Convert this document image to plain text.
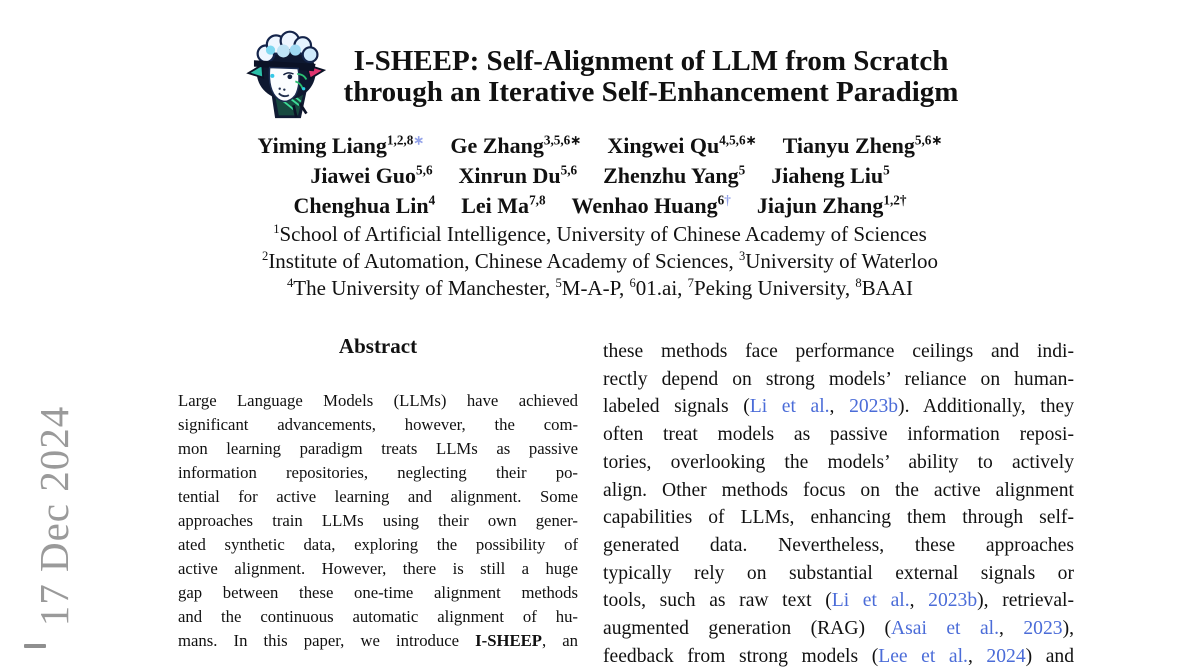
17 Dec 2024
I-SHEEP: Self-Alignment of LLM from Scratch
through an Iterative Self-Enhancement Paradigm
Yiming Liang$^{1,2,8∗}$ Ge Zhang$^{3,5,6∗}$ Xingwei $Qu^{4,5,6∗}$ Tianyu Zheng$^{5,6∗}$
Jiawei Guo$^{5,6}$ Xinrun Du$^{5,6}$ Zhenzhu Yang$^5$ Jiaheng Liu$^5$
Chenghua Lin$^4$ Lei Ma$^{7,8}$ Wenhao Huang$^{6\dagger}$ Jiajun Zhang$^{1,2\dagger}$
$^1$School of Artificial Intelligence, University of Chinese Academy of Sciences
$^2$Institute of Automation, Chinese Academy of Sciences, $^3$University of Waterloo
$^4$The University of Manchester, $^5$M-A-P, $^6$01.ai, $^7$Peking University, $^8$BAAI
Abstract
Large Language Models (LLMs) have achieved
significant advancements, however, the com-
mon learning paradigm treats LLMs as passive
information repositories, neglecting their po-
tential for active learning and alignment. Some
approaches train LLMs using their own gener-
ated synthetic data, exploring the possibility of
active alignment. However, there is still a huge
gap between these one-time alignment methods
and the continuous automatic alignment of hu-
mans. In this paper, we introduce I-SHEEP, an
these methods face performance ceilings and indi-
rectly depend on strong models’ reliance on human-
labeled signals (Li et al., 2023b). Additionally, they
often treat models as passive information reposi-
tories, overlooking the models’ ability to actively
align. Other methods focus on the active alignment
capabilities of LLMs, enhancing them through self-
generated data. Nevertheless, these approaches
typically rely on substantial external signals or
tools, such as raw text (Li et al., 2023b), retrieval-
augmented generation (RAG) (Asai et al., 2023),
feedback from strong models (Lee et al., 2024) and
